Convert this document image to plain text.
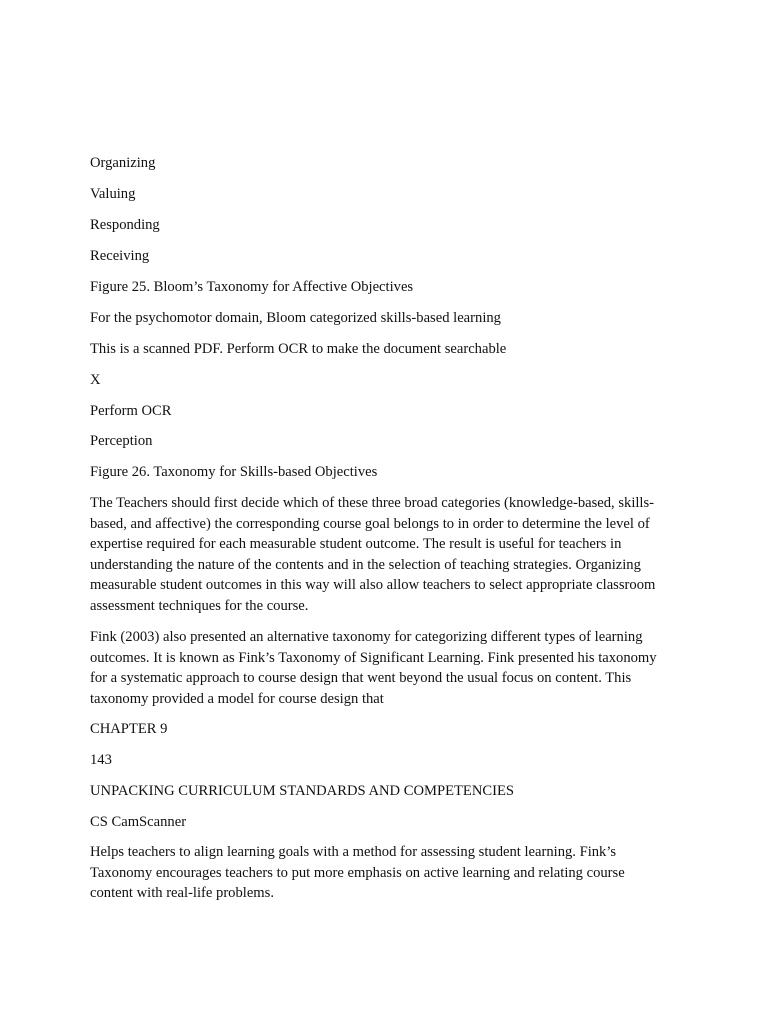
Organizing

Valuing

Responding

Receiving

Figure 25. Bloom’s Taxonomy for Affective Objectives

For the psychomotor domain, Bloom categorized skills-based learning

This is a scanned PDF. Perform OCR to make the document searchable

X

Perform OCR

Perception

Figure 26. Taxonomy for Skills-based Objectives

The Teachers should first decide which of these three broad categories (knowledge-based, skills-
based, and affective) the corresponding course goal belongs to in order to determine the level of
expertise required for each measurable student outcome. The result is useful for teachers in
understanding the nature of the contents and in the selection of teaching strategies. Organizing
measurable student outcomes in this way will also allow teachers to select appropriate classroom
assessment techniques for the course.
Fink (2003) also presented an alternative taxonomy for categorizing different types of learning
outcomes. It is known as Fink’s Taxonomy of Significant Learning. Fink presented his taxonomy
for a systematic approach to course design that went beyond the usual focus on content. This
taxonomy provided a model for course design that

CHAPTER 9

143

UNPACKING CURRICULUM STANDARDS AND COMPETENCIES

CS CamScanner

Helps teachers to align learning goals with a method for assessing student learning. Fink’s
Taxonomy encourages teachers to put more emphasis on active learning and relating course
content with real-life problems.
